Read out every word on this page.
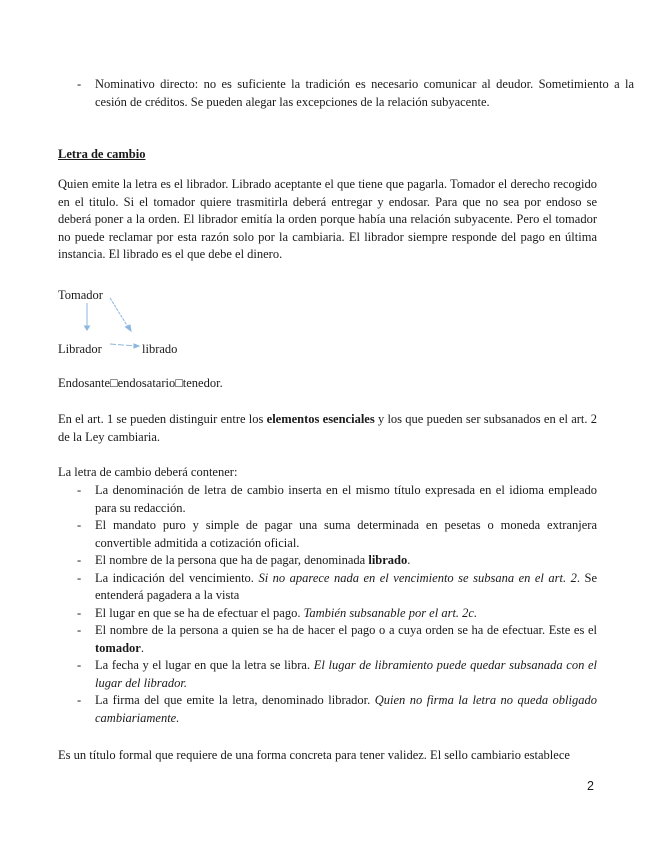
- Nominativo directo: no es suficiente la tradición es necesario comunicar al deudor. Sometimiento a la cesión de créditos. Se pueden alegar las excepciones de la relación subyacente.
Letra de cambio
Quien emite la letra es el librador. Librado aceptante el que tiene que pagarla. Tomador el derecho recogido en el titulo. Si el tomador quiere trasmitirla deberá entregar y endosar. Para que no sea por endoso se deberá poner a la orden. El librador emitía la orden porque había una relación subyacente. Pero el tomador no puede reclamar por esta razón solo por la cambiaria. El librador siempre responde del pago en última instancia. El librado es el que debe el dinero.
Tomador
Librador	librado
Endosante□endosatario□tenedor.
En el art. 1 se pueden distinguir entre los elementos esenciales y los que pueden ser subsanados en el art. 2 de la Ley cambiaria.
La letra de cambio deberá contener:
- La denominación de letra de cambio inserta en el mismo título expresada en el idioma empleado para su redacción.
- El mandato puro y simple de pagar una suma determinada en pesetas o moneda extranjera convertible admitida a cotización oficial.
- El nombre de la persona que ha de pagar, denominada librado.
- La indicación del vencimiento. Si no aparece nada en el vencimiento se subsana en el art. 2. Se entenderá pagadera a la vista
- El lugar en que se ha de efectuar el pago. También subsanable por el art. 2c.
- El nombre de la persona a quien se ha de hacer el pago o a cuya orden se ha de efectuar. Este es el tomador.
- La fecha y el lugar en que la letra se libra. El lugar de libramiento puede quedar subsanada con el lugar del librador.
- La firma del que emite la letra, denominado librador. Quien no firma la letra no queda obligado cambiariamente.
Es un título formal que requiere de una forma concreta para tener validez. El sello cambiario establece
2
